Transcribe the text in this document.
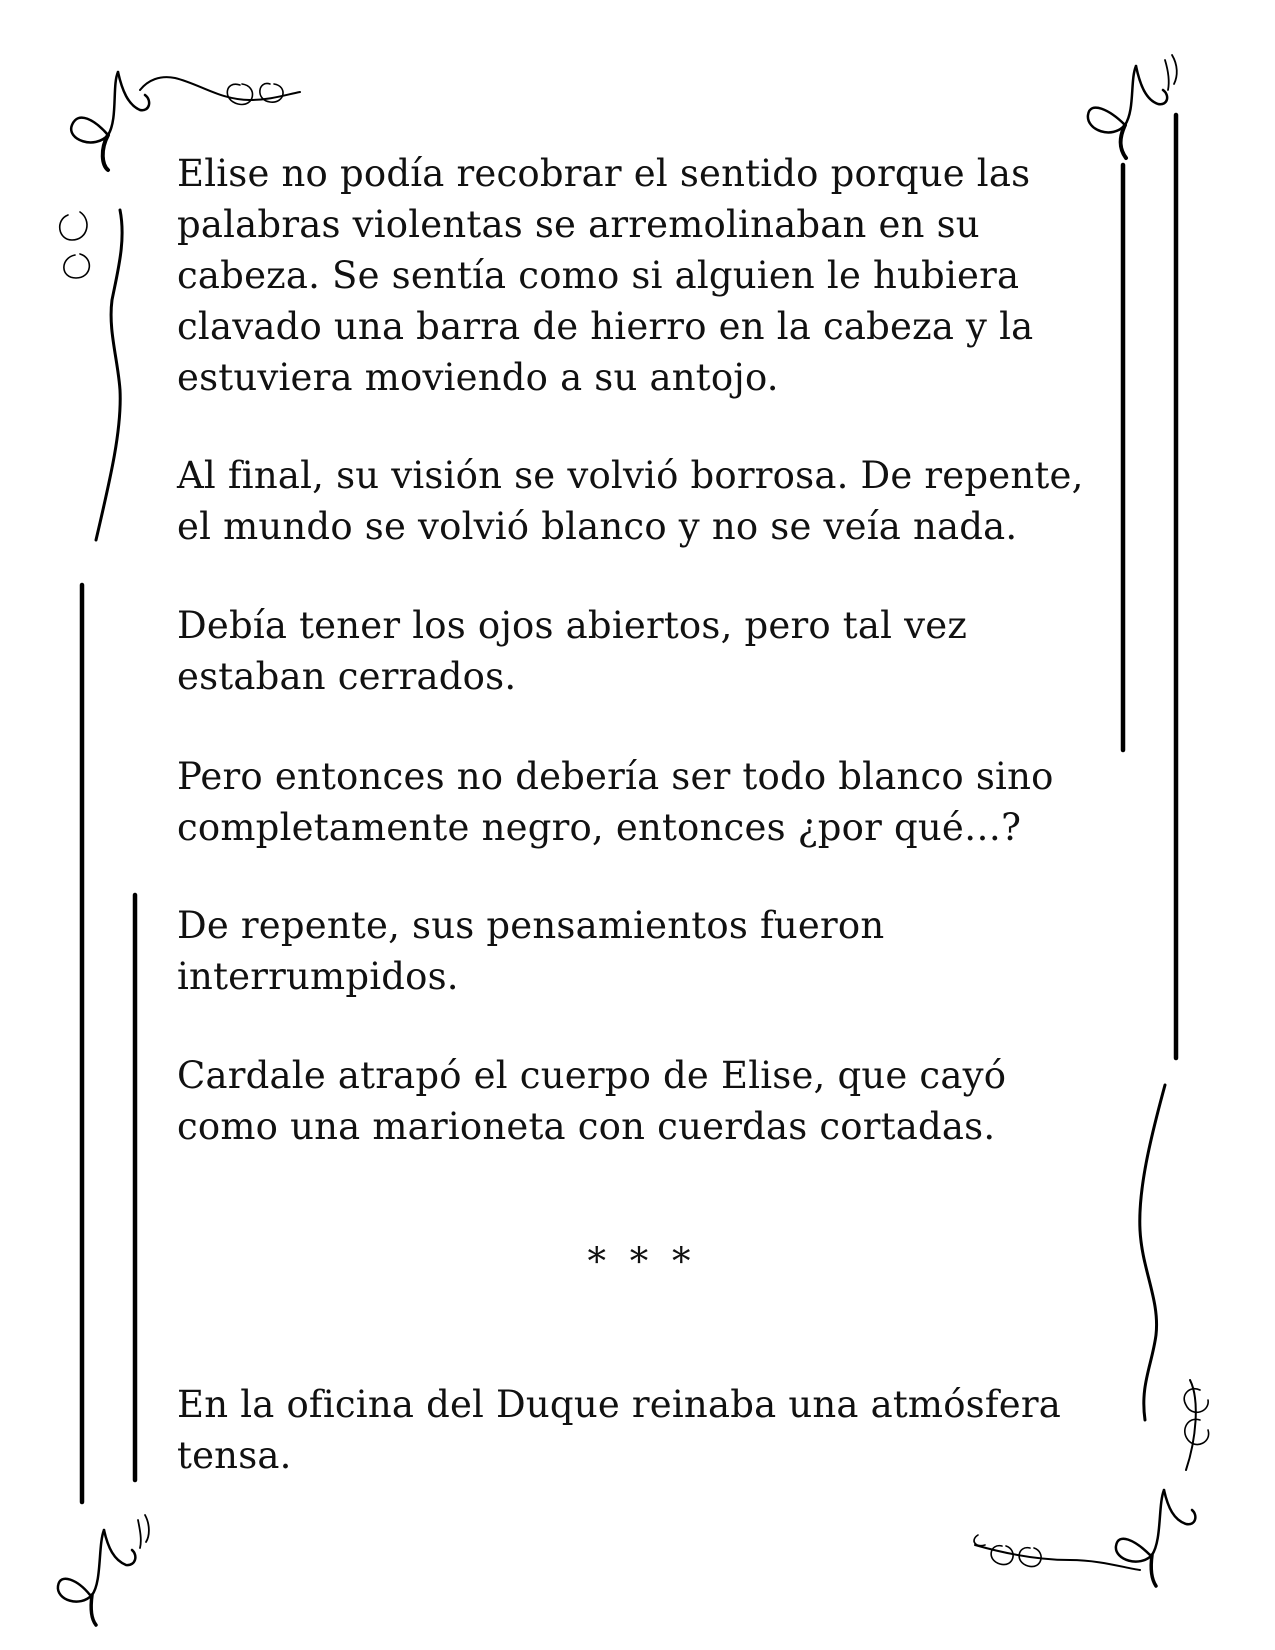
Elise no podía recobrar el sentido porque las palabras violentas se arremolinaban en su cabeza. Se sentía como si alguien le hubiera clavado una barra de hierro en la cabeza y la estuviera moviendo a su antojo.

Al final, su visión se volvió borrosa. De repente, el mundo se volvió blanco y no se veía nada.

Debía tener los ojos abiertos, pero tal vez estaban cerrados.

Pero entonces no debería ser todo blanco sino completamente negro, entonces ¿por qué…?

De repente, sus pensamientos fueron interrumpidos.

Cardale atrapó el cuerpo de Elise, que cayó como una marioneta con cuerdas cortadas.

* * *

En la oficina del Duque reinaba una atmósfera tensa.
